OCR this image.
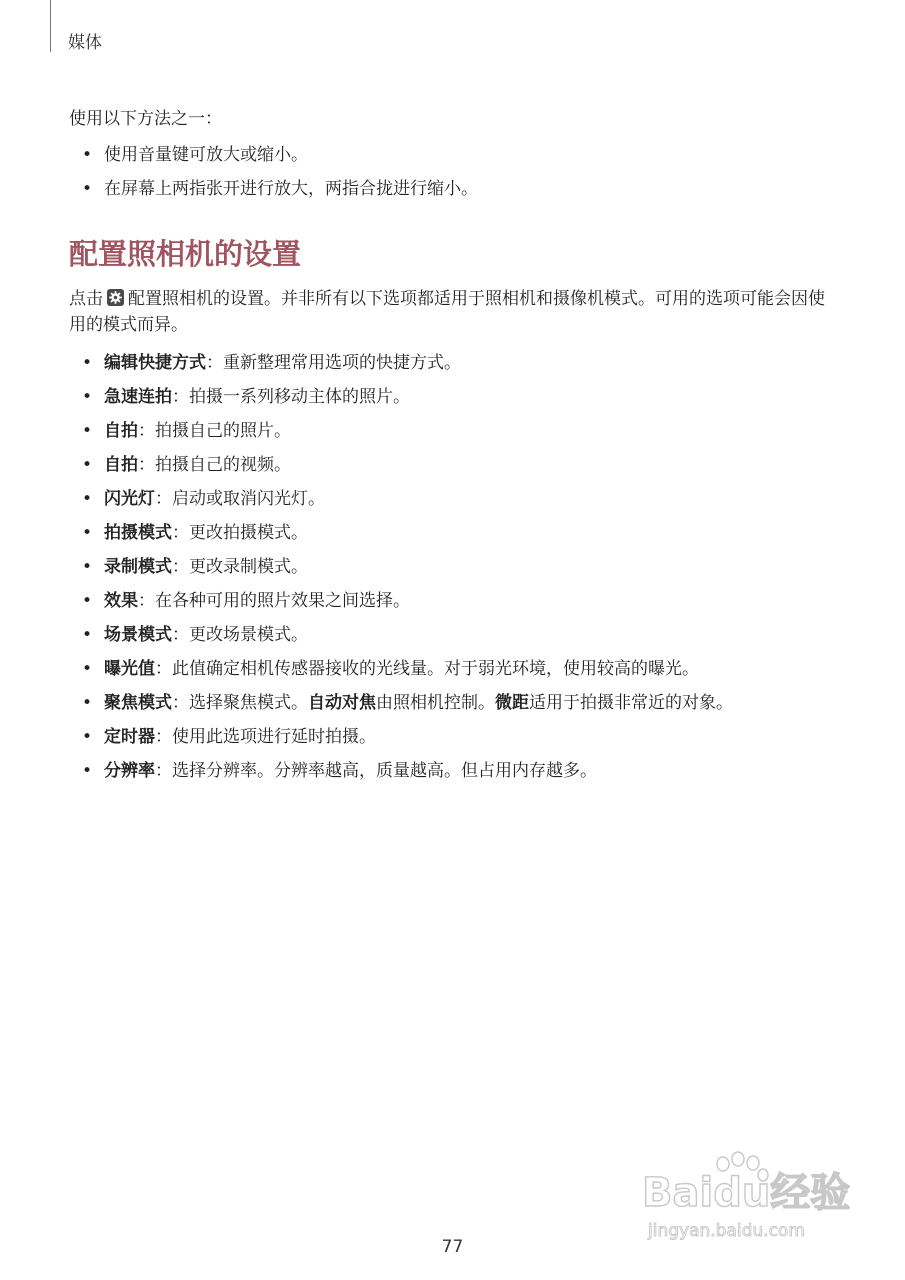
媒体

使用以下方法之一：

• 使用音量键可放大或缩小。
• 在屏幕上两指张开进行放大，两指合拢进行缩小。
配置照相机的设置

点击 配置照相机的设置。并非所有以下选项都适用于照相机和摄像机模式。可用的选项可能会因使用的模式而异。

• 编辑快捷方式：重新整理常用选项的快捷方式。
• 急速连拍：拍摄一系列移动主体的照片。
• 自拍：拍摄自己的照片。
• 自拍：拍摄自己的视频。
• 闪光灯：启动或取消闪光灯。
• 拍摄模式：更改拍摄模式。
• 录制模式：更改录制模式。
• 效果：在各种可用的照片效果之间选择。
• 场景模式：更改场景模式。
• 曝光值：此值确定相机传感器接收的光线量。对于弱光环境，使用较高的曝光。
• 聚焦模式：选择聚焦模式。自动对焦由照相机控制。微距适用于拍摄非常近的对象。
• 定时器：使用此选项进行延时拍摄。
• 分辨率：选择分辨率。分辨率越高，质量越高。但占用内存越多。
Baidu经验
jingyan.baidu.com
77
